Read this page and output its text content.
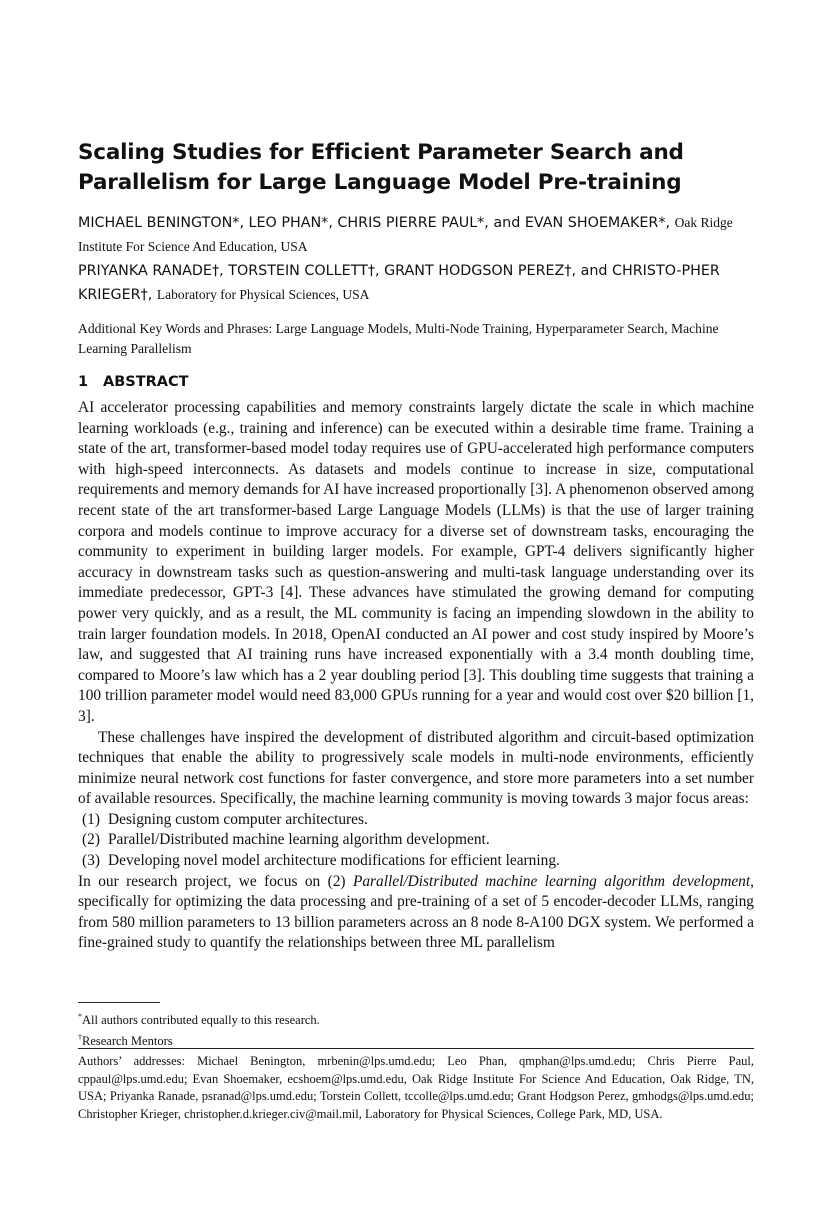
Scaling Studies for Efficient Parameter Search and Parallelism for Large Language Model Pre-training
MICHAEL BENINGTON*, LEO PHAN*, CHRIS PIERRE PAUL*, and EVAN SHOEMAKER*, Oak Ridge Institute For Science And Education, USA
PRIYANKA RANADE†, TORSTEIN COLLETT†, GRANT HODGSON PEREZ†, and CHRISTO-PHER KRIEGER†, Laboratory for Physical Sciences, USA
Additional Key Words and Phrases: Large Language Models, Multi-Node Training, Hyperparameter Search, Machine Learning Parallelism
1 ABSTRACT

AI accelerator processing capabilities and memory constraints largely dictate the scale in which machine learning workloads (e.g., training and inference) can be executed within a desirable time frame. Training a state of the art, transformer-based model today requires use of GPU-accelerated high performance computers with high-speed interconnects. As datasets and models continue to increase in size, computational requirements and memory demands for AI have increased proportionally [3]. A phenomenon observed among recent state of the art transformer-based Large Language Models (LLMs) is that the use of larger training corpora and models continue to improve accuracy for a diverse set of downstream tasks, encouraging the community to experiment in building larger models. For example, GPT-4 delivers significantly higher accuracy in downstream tasks such as question-answering and multi-task language understanding over its immediate predecessor, GPT-3 [4]. These advances have stimulated the growing demand for computing power very quickly, and as a result, the ML community is facing an impending slowdown in the ability to train larger foundation models. In 2018, OpenAI conducted an AI power and cost study inspired by Moore’s law, and suggested that AI training runs have increased exponentially with a 3.4 month doubling time, compared to Moore’s law which has a 2 year doubling period [3]. This doubling time suggests that training a 100 trillion parameter model would need 83,000 GPUs running for a year and would cost over $20 billion [1, 3].

These challenges have inspired the development of distributed algorithm and circuit-based optimization techniques that enable the ability to progressively scale models in multi-node environments, efficiently minimize neural network cost functions for faster convergence, and store more parameters into a set number of available resources. Specifically, the machine learning community is moving towards 3 major focus areas:

(1) Designing custom computer architectures.
(2) Parallel/Distributed machine learning algorithm development.
(3) Developing novel model architecture modifications for efficient learning.

In our research project, we focus on (2) Parallel/Distributed machine learning algorithm development, specifically for optimizing the data processing and pre-training of a set of 5 encoder-decoder LLMs, ranging from 580 million parameters to 13 billion parameters across an 8 node 8-A100 DGX system. We performed a fine-grained study to quantify the relationships between three ML parallelism

*All authors contributed equally to this research.
†Research Mentors
Authors’ addresses: Michael Benington, mrbenin@lps.umd.edu; Leo Phan, qmphan@lps.umd.edu; Chris Pierre Paul, cppaul@lps.umd.edu; Evan Shoemaker, ecshoem@lps.umd.edu, Oak Ridge Institute For Science And Education, Oak Ridge, TN, USA; Priyanka Ranade, psranad@lps.umd.edu; Torstein Collett, tccolle@lps.umd.edu; Grant Hodgson Perez, gmhodgs@lps.umd.edu; Christopher Krieger, christopher.d.krieger.civ@mail.mil, Laboratory for Physical Sciences, College Park, MD, USA.
